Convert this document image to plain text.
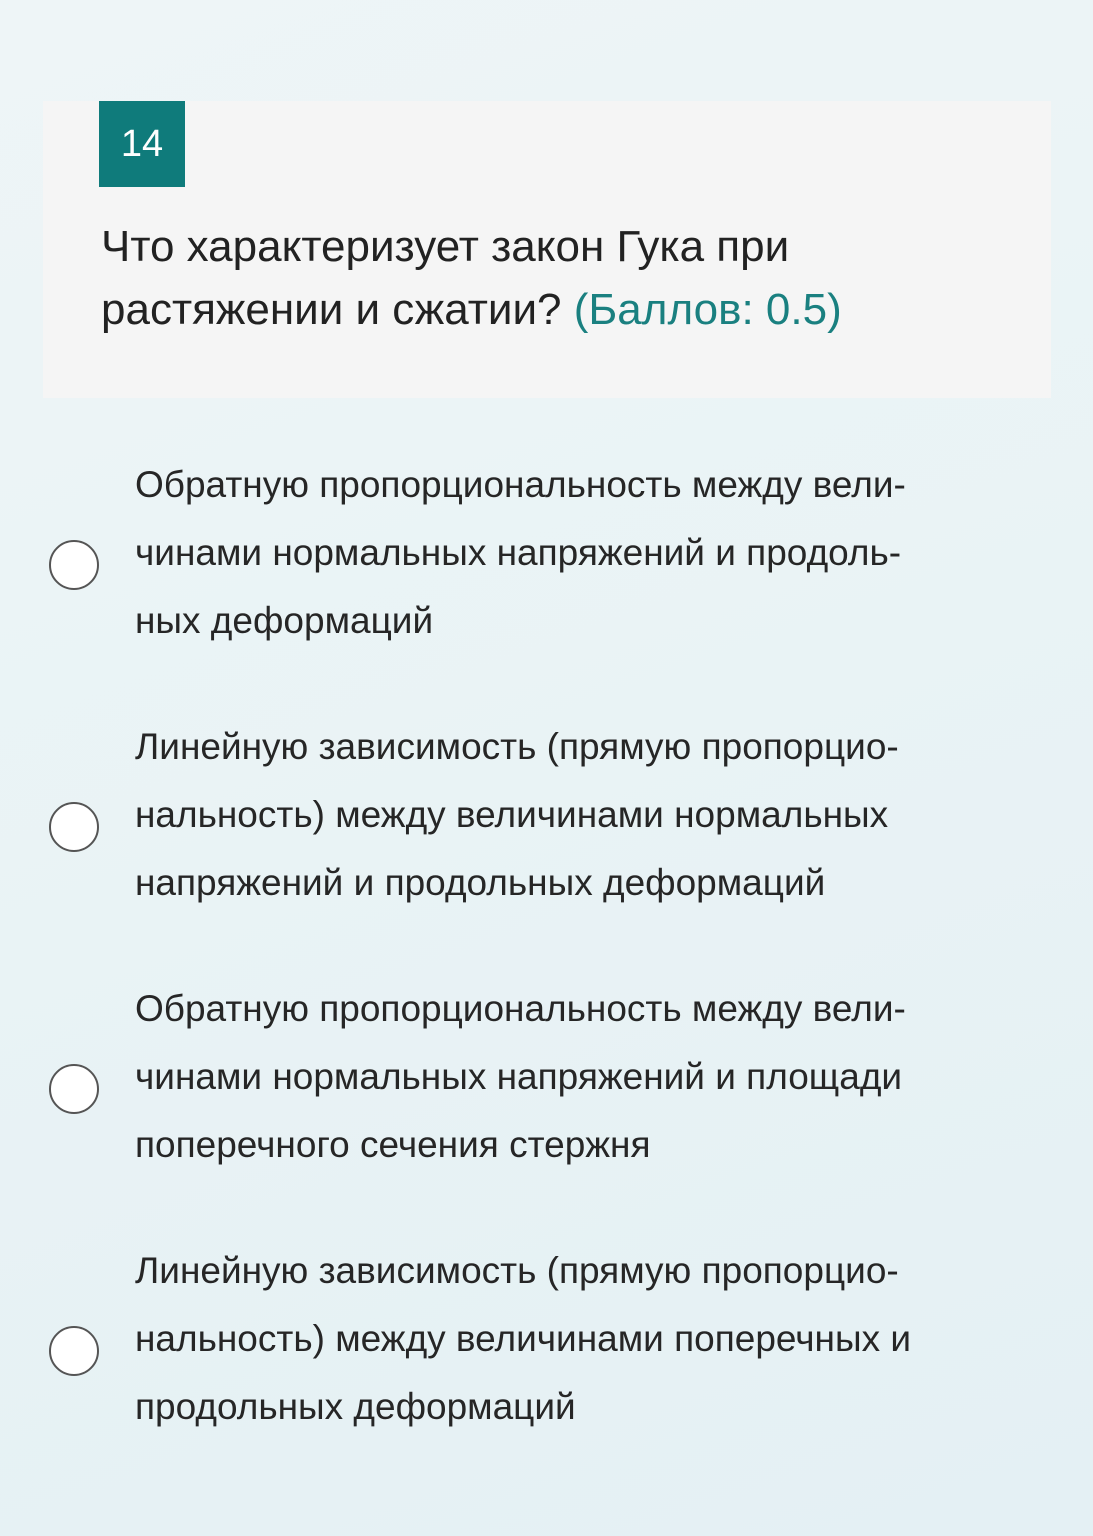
14
Что характеризует закон Гука при растяжении и сжатии? (Баллов: 0.5)
Обратную пропорциональность между вели-
чинами нормальных напряжений и продоль-
ных деформаций
Линейную зависимость (прямую пропорцио-
нальность) между величинами нормальных
напряжений и продольных деформаций
Обратную пропорциональность между вели-
чинами нормальных напряжений и площади
поперечного сечения стержня
Линейную зависимость (прямую пропорцио-
нальность) между величинами поперечных и
продольных деформаций
